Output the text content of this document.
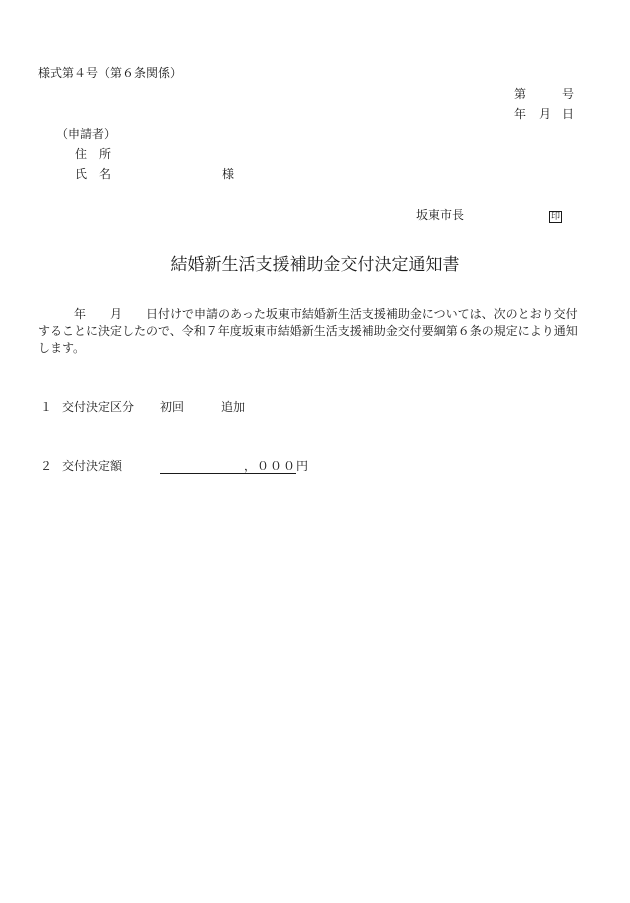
様式第４号（第６条関係）
第	号
年 月 日
（申請者）
住　所
氏　名	様
坂東市長	印
結婚新生活支援補助金交付決定通知書
　　　年　　月　　日付けで申請のあった坂東市結婚新生活支援補助金については、次のとおり交付
することに決定したので、令和７年度坂東市結婚新生活支援補助金交付要綱第６条の規定により通知
します。
１ 交付決定区分 初回	追加
２ 交付決定額	，０００円
